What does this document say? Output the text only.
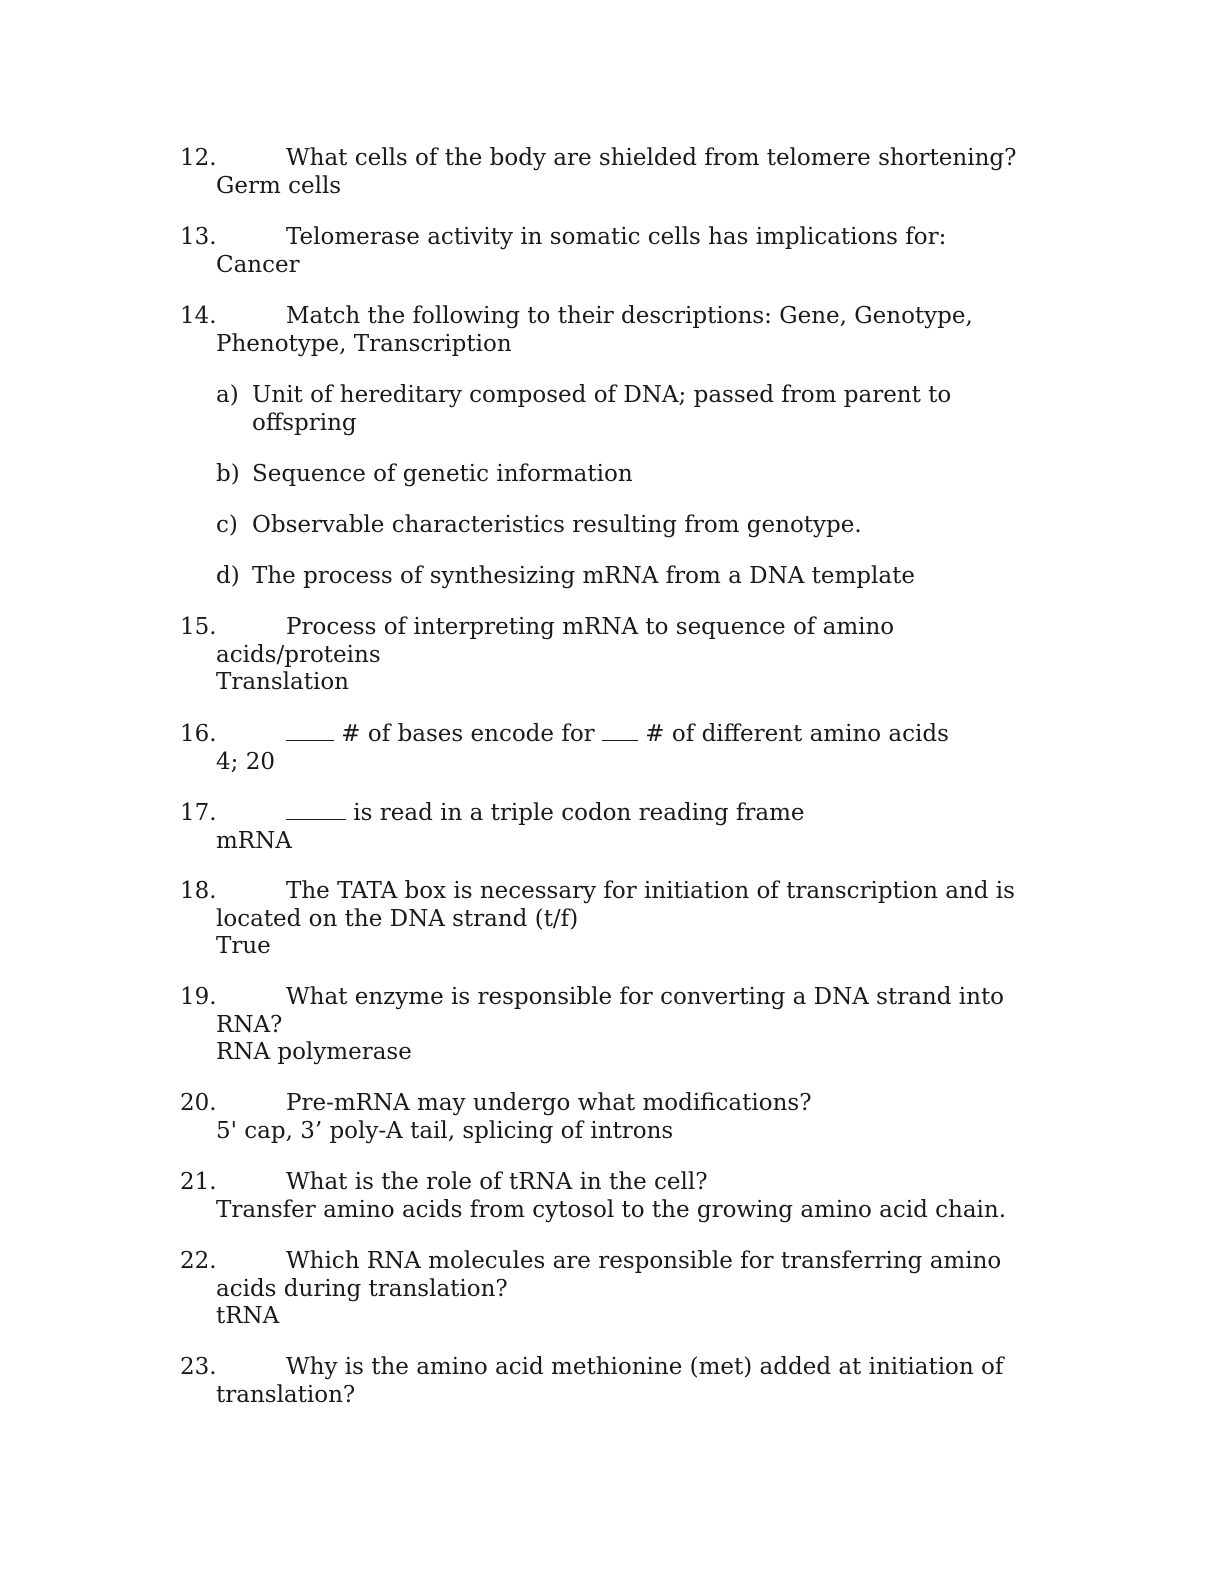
12.	What cells of the body are shielded from telomere shortening?
Germ cells
13.	Telomerase activity in somatic cells has implications for:
Cancer
14.	Match the following to their descriptions: Gene, Genotype,
Phenotype, Transcription
a) Unit of hereditary composed of DNA; passed from parent to
offspring
b) Sequence of genetic information
c) Observable characteristics resulting from genotype.
d) The process of synthesizing mRNA from a DNA template
15.	Process of interpreting mRNA to sequence of amino
acids/proteins
Translation
16.	# of bases encode for  # of different amino acids
4; 20
17.	is read in a triple codon reading frame
mRNA
18.	The TATA box is necessary for initiation of transcription and is
located on the DNA strand (t/f)
True
19.	What enzyme is responsible for converting a DNA strand into
RNA?
RNA polymerase
20.	Pre-mRNA may undergo what modifications?
5' cap, 3’ poly-A tail, splicing of introns
21.	What is the role of tRNA in the cell?
Transfer amino acids from cytosol to the growing amino acid chain.
22.	Which RNA molecules are responsible for transferring amino
acids during translation?
tRNA
23.	Why is the amino acid methionine (met) added at initiation of
translation?
